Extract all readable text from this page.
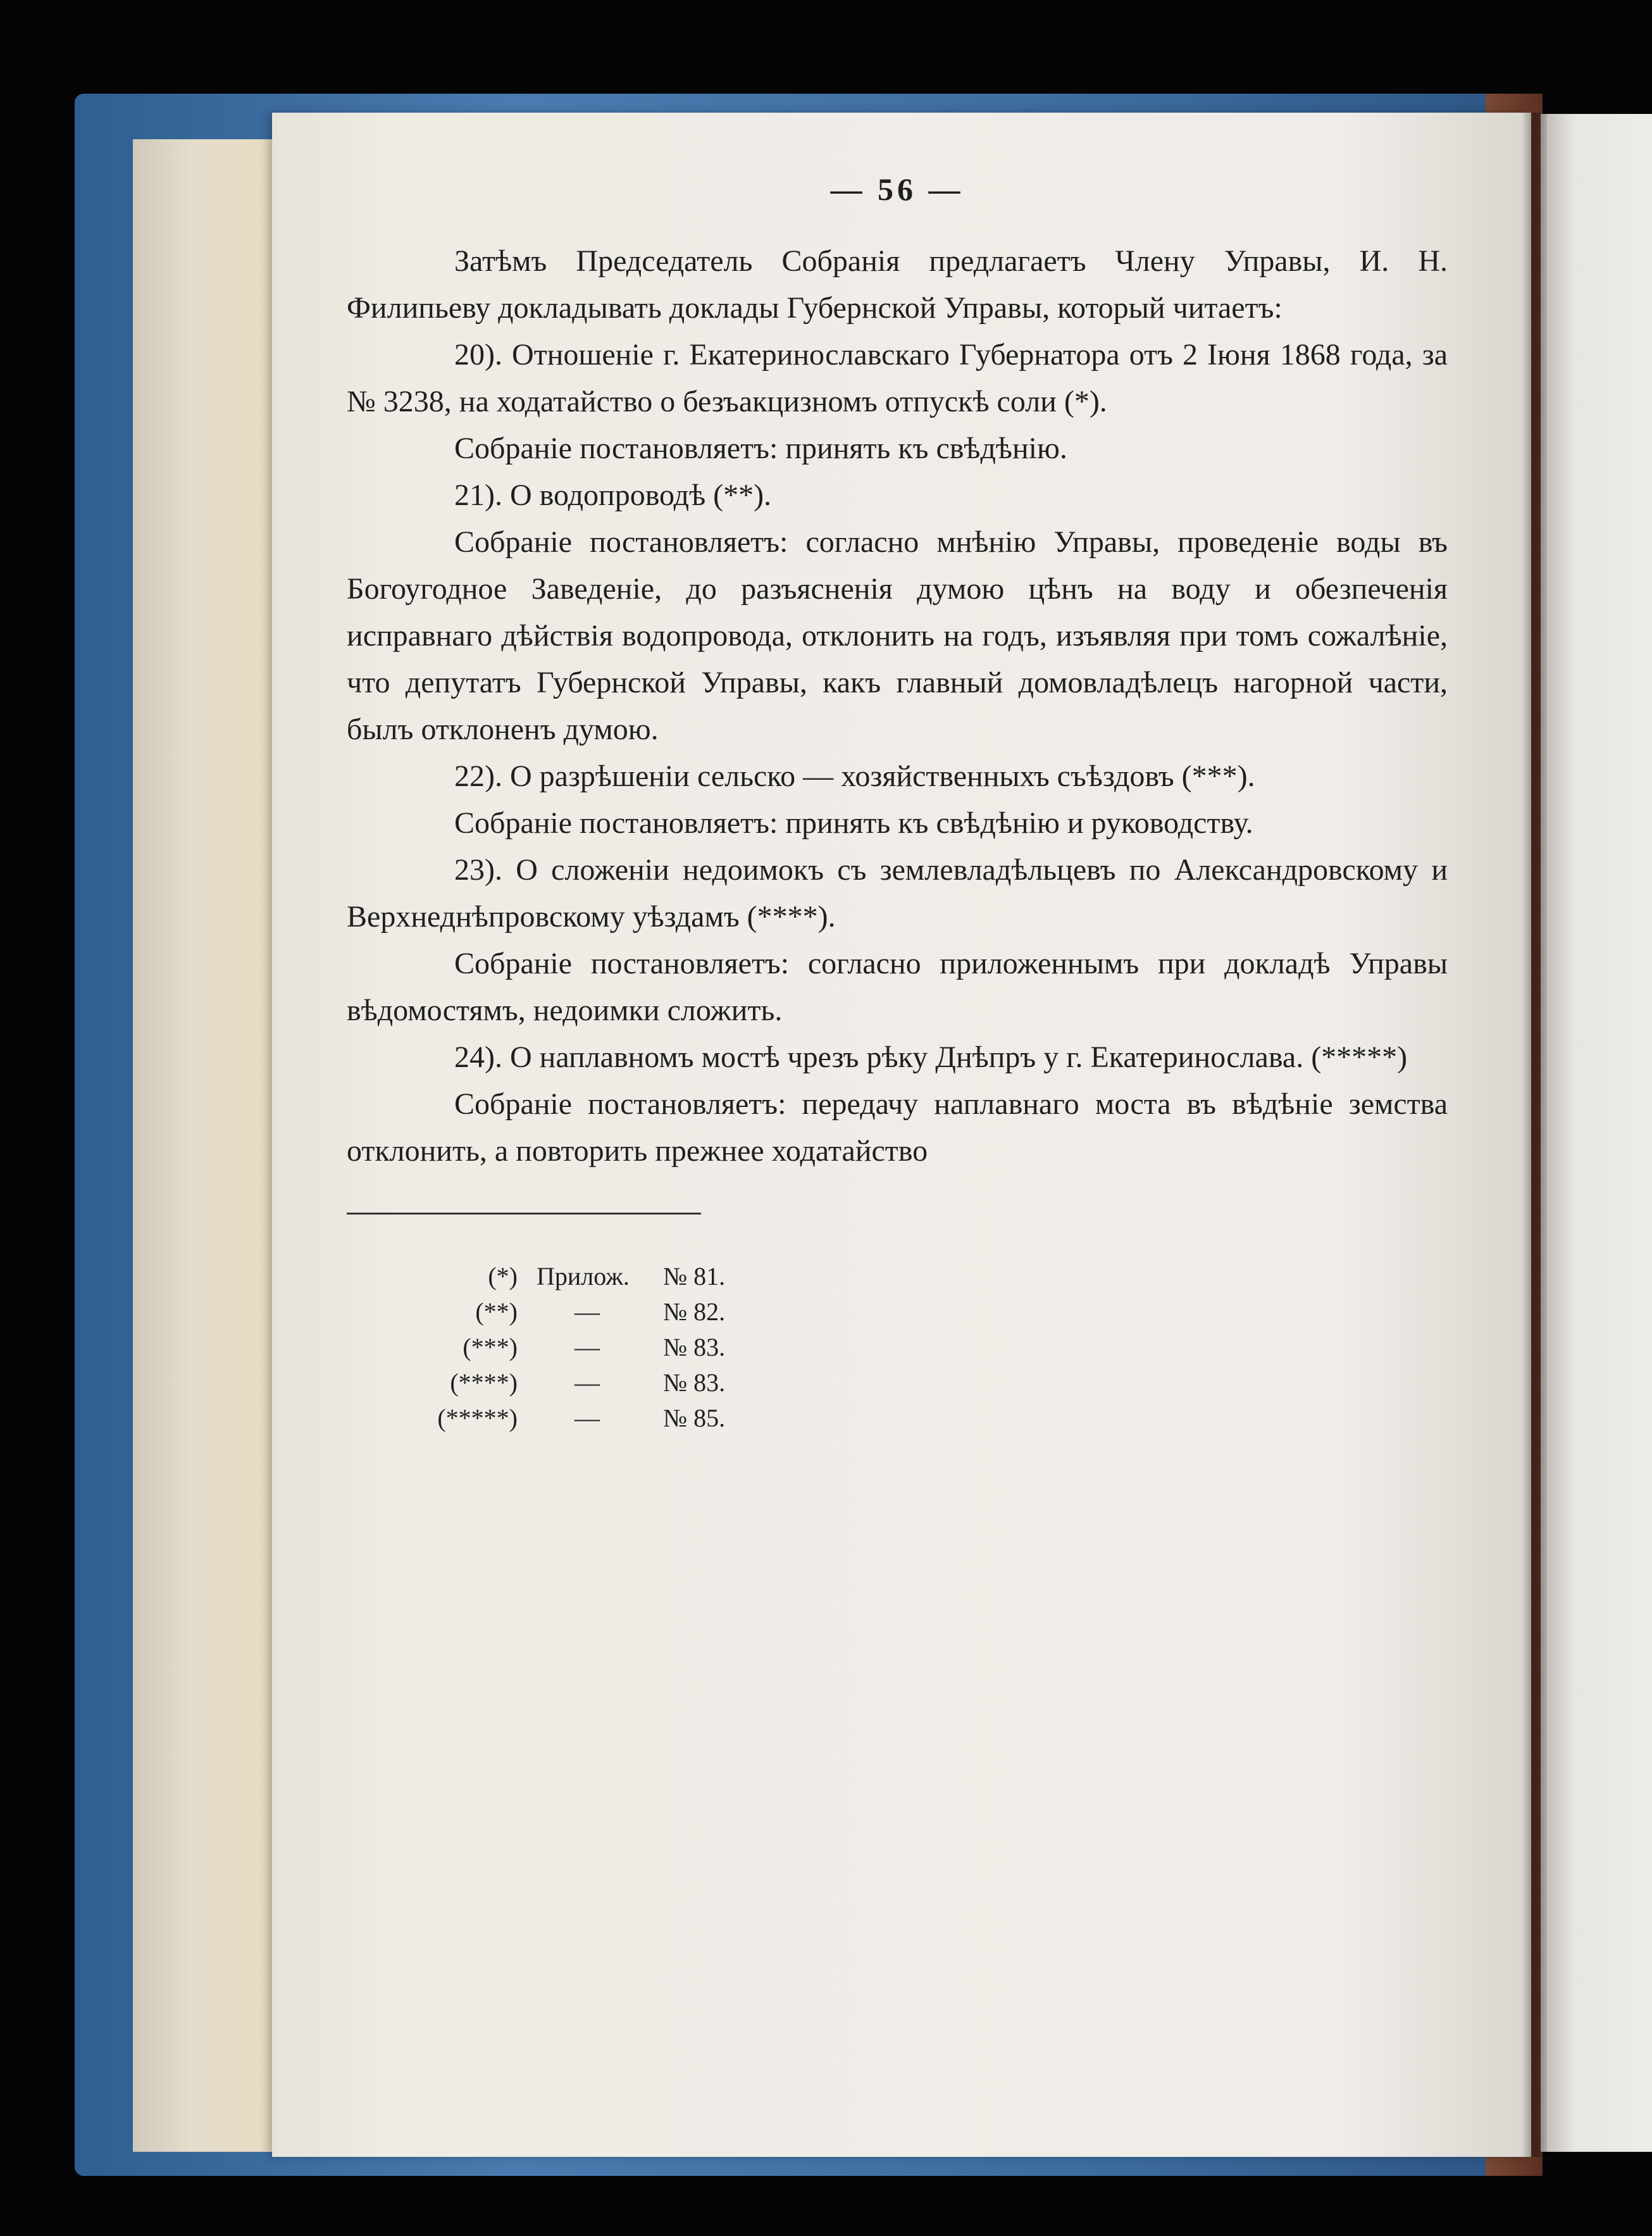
— 56 —

Затѣмъ Председатель Собранія предлагаетъ Члену Управы, И. Н. Филипьеву докладывать доклады Губернской Управы, который читаетъ:

20). Отношеніе г. Екатеринославскаго Губернатора отъ 2 Іюня 1868 года, за № 3238, на ходатайство о безъакцизномъ отпускѣ соли (*).

Собраніе постановляетъ: принять къ свѣдѣнію.

21). О водопроводѣ (**).

Собраніе постановляетъ: согласно мнѣнію Управы, проведеніе воды въ Богоугодное Заведеніе, до разъясненія думою цѣнъ на воду и обезпеченія исправнаго дѣйствія водопровода, отклонить на годъ, изъявляя при томъ сожалѣніе, что депутатъ Губернской Управы, какъ главный домовладѣлецъ нагорной части, былъ отклоненъ думою.

22). О разрѣшеніи сельско — хозяйственныхъ съѣздовъ (***).

Собраніе постановляетъ: принять къ свѣдѣнію и руководству.

23). О сложеніи недоимокъ съ землевладѣльцевъ по Александровскому и Верхнеднѣпровскому уѣздамъ (****).

Собраніе постановляетъ: согласно приложеннымъ при докладѣ Управы вѣдомостямъ, недоимки сложить.

24). О наплавномъ мостѣ чрезъ рѣку Днѣпръ у г. Екатеринослава. (*****)

Собраніе постановляетъ: передачу наплавнаго моста въ вѣдѣніе земства отклонить, а повторить прежнее ходатайство

(*) Прилож.	№ 81.
(**)	—	№ 82.
(***)	—	№ 83.
(****)	—	№ 83.
(*****)	—	№ 85.
